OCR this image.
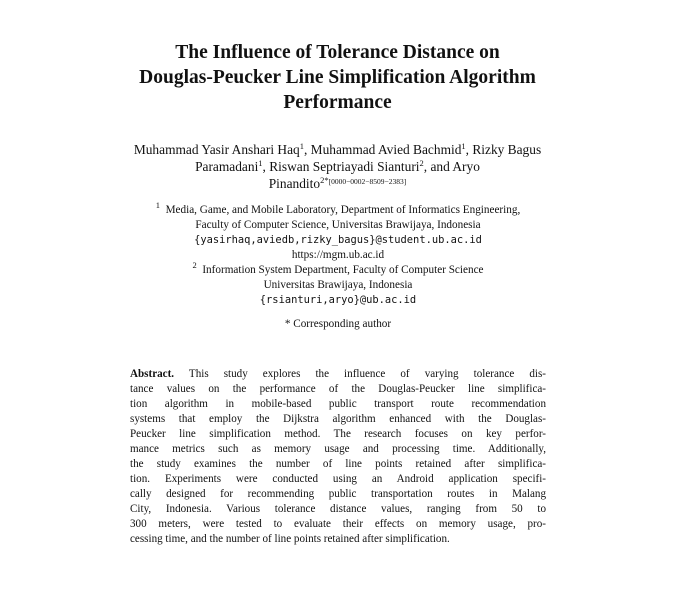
The Influence of Tolerance Distance on
Douglas-Peucker Line Simplification Algorithm
Performance
Muhammad Yasir Anshari Haq$^1$, Muhammad Avied Bachmid$^1$, Rizky Bagus
Paramadani$^1$, Riswan Septriayadi Sianturi$^2$, and Aryo
Pinandito$^{2*[0000-0002-8509-2383]}$
$^1$ Media, Game, and Mobile Laboratory, Department of Informatics Engineering,
Faculty of Computer Science, Universitas Brawijaya, Indonesia
{yasirhaq,aviedb,rizky_bagus}@student.ub.ac.id
https://mgm.ub.ac.id
$^2$ Information System Department, Faculty of Computer Science
Universitas Brawijaya, Indonesia
{rsianturi,aryo}@ub.ac.id
* Corresponding author
Abstract. This study explores the influence of varying tolerance dis-
tance values on the performance of the Douglas-Peucker line simplifica-
tion algorithm in mobile-based public transport route recommendation
systems that employ the Dijkstra algorithm enhanced with the Douglas-
Peucker line simplification method. The research focuses on key perfor-
mance metrics such as memory usage and processing time. Additionally,
the study examines the number of line points retained after simplifica-
tion. Experiments were conducted using an Android application specifi-
cally designed for recommending public transportation routes in Malang
City, Indonesia. Various tolerance distance values, ranging from 50 to
300 meters, were tested to evaluate their effects on memory usage, pro-
cessing time, and the number of line points retained after simplification.
